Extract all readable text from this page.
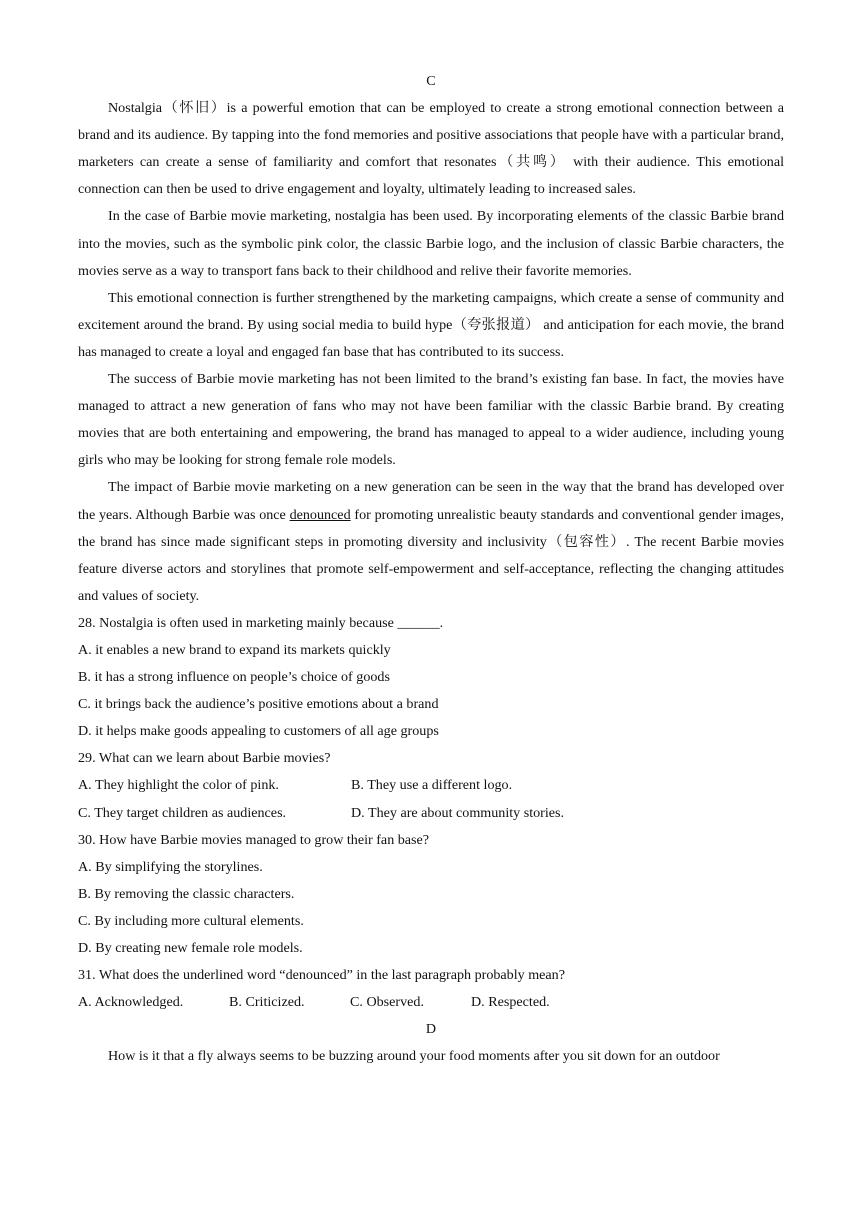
C

Nostalgia（怀旧）is a powerful emotion that can be employed to create a strong emotional connection between a brand and its audience. By tapping into the fond memories and positive associations that people have with a particular brand, marketers can create a sense of familiarity and comfort that resonates（共鸣） with their audience. This emotional connection can then be used to drive engagement and loyalty, ultimately leading to increased sales.

In the case of Barbie movie marketing, nostalgia has been used. By incorporating elements of the classic Barbie brand into the movies, such as the symbolic pink color, the classic Barbie logo, and the inclusion of classic Barbie characters, the movies serve as a way to transport fans back to their childhood and relive their favorite memories.

This emotional connection is further strengthened by the marketing campaigns, which create a sense of community and excitement around the brand. By using social media to build hype（夸张报道） and anticipation for each movie, the brand has managed to create a loyal and engaged fan base that has contributed to its success.

The success of Barbie movie marketing has not been limited to the brand’s existing fan base. In fact, the movies have managed to attract a new generation of fans who may not have been familiar with the classic Barbie brand. By creating movies that are both entertaining and empowering, the brand has managed to appeal to a wider audience, including young girls who may be looking for strong female role models.

The impact of Barbie movie marketing on a new generation can be seen in the way that the brand has developed over the years. Although Barbie was once denounced for promoting unrealistic beauty standards and conventional gender images, the brand has since made significant steps in promoting diversity and inclusivity（包容性）. The recent Barbie movies feature diverse actors and storylines that promote self-empowerment and self-acceptance, reflecting the changing attitudes and values of society.

28. Nostalgia is often used in marketing mainly because ______.

A. it enables a new brand to expand its markets quickly

B. it has a strong influence on people’s choice of goods

C. it brings back the audience’s positive emotions about a brand

D. it helps make goods appealing to customers of all age groups

29. What can we learn about Barbie movies?

A. They highlight the color of pink.	B. They use a different logo.
C. They target children as audiences.	D. They are about community stories.

30. How have Barbie movies managed to grow their fan base?

A. By simplifying the storylines.

B. By removing the classic characters.

C. By including more cultural elements.

D. By creating new female role models.

31. What does the underlined word “denounced” in the last paragraph probably mean?

A. Acknowledged.	B. Criticized.	C. Observed.	D. Respected.

D

How is it that a fly always seems to be buzzing around your food moments after you sit down for an outdoor
